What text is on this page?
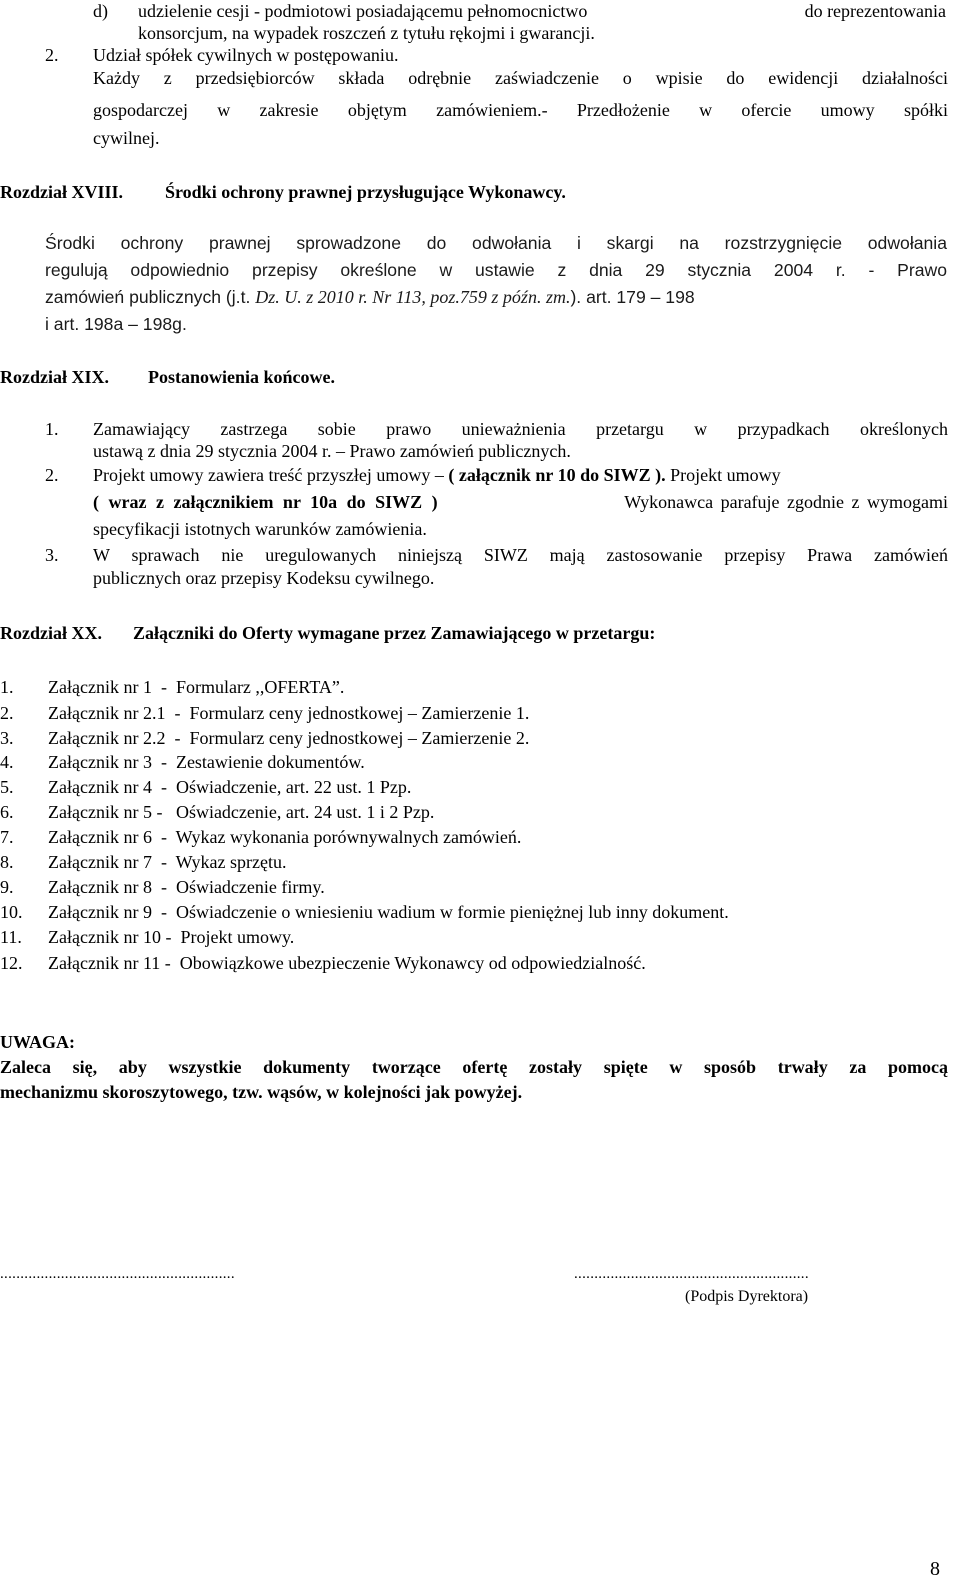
d) udzielenie cesji - podmiotowi posiadającemu pełnomocnictwo	do reprezentowania
konsorcjum, na wypadek roszczeń z tytułu rękojmi i gwarancji.
2. Udział spółek cywilnych w postępowaniu.
Każdy z przedsiębiorców składa odrębnie zaświadczenie o wpisie do ewidencji działalności
gospodarczej w zakresie objętym zamówieniem.- Przedłożenie w ofercie umowy spółki
cywilnej.
Rozdział XVIII. Środki ochrony prawnej przysługujące Wykonawcy.
Środki ochrony prawnej sprowadzone do odwołania i skargi na rozstrzygnięcie odwołania
regulują odpowiednio przepisy określone w ustawie z dnia 29 stycznia 2004 r. - Prawo
zamówień publicznych (j.t. Dz. U. z 2010 r. Nr 113, poz.759 z późn. zm.). art. 179 – 198
i art. 198a – 198g.
Rozdział XIX. Postanowienia końcowe.
1. Zamawiający zastrzega sobie prawo unieważnienia przetargu w przypadkach określonych
ustawą z dnia 29 stycznia 2004 r. – Prawo zamówień publicznych.
2. Projekt umowy zawiera treść przyszłej umowy – ( załącznik nr 10 do SIWZ ). Projekt umowy
( wraz z załącznikiem nr 10a do SIWZ )	Wykonawca parafuje zgodnie z wymogami
specyfikacji istotnych warunków zamówienia.
3. W sprawach nie uregulowanych niniejszą SIWZ mają zastosowanie przepisy Prawa zamówień
publicznych oraz przepisy Kodeksu cywilnego.
Rozdział XX. Załączniki do Oferty wymagane przez Zamawiającego w przetargu:
1. Załącznik nr 1  -  Formularz ,,OFERTA”.
2. Załącznik nr 2.1  -  Formularz ceny jednostkowej – Zamierzenie 1.
3. Załącznik nr 2.2  -  Formularz ceny jednostkowej – Zamierzenie 2.
4. Załącznik nr 3  -  Zestawienie dokumentów.
5. Załącznik nr 4  -  Oświadczenie, art. 22 ust. 1 Pzp.
6. Załącznik nr 5 -   Oświadczenie, art. 24 ust. 1 i 2 Pzp.
7. Załącznik nr 6  -  Wykaz wykonania porównywalnych zamówień.
8. Załącznik nr 7  -  Wykaz sprzętu.
9. Załącznik nr 8  -  Oświadczenie firmy.
10. Załącznik nr 9  -  Oświadczenie o wniesieniu wadium w formie pieniężnej lub inny dokument.
11. Załącznik nr 10 -  Projekt umowy.
12. Załącznik nr 11 -  Obowiązkowe ubezpieczenie Wykonawcy od odpowiedzialność.
UWAGA:
Zaleca się, aby wszystkie dokumenty tworzące ofertę zostały spięte w sposób trwały za pomocą
mechanizmu skoroszytowego, tzw. wąsów, w kolejności jak powyżej.
..........................................................	..........................................................
(Podpis Dyrektora)
8
